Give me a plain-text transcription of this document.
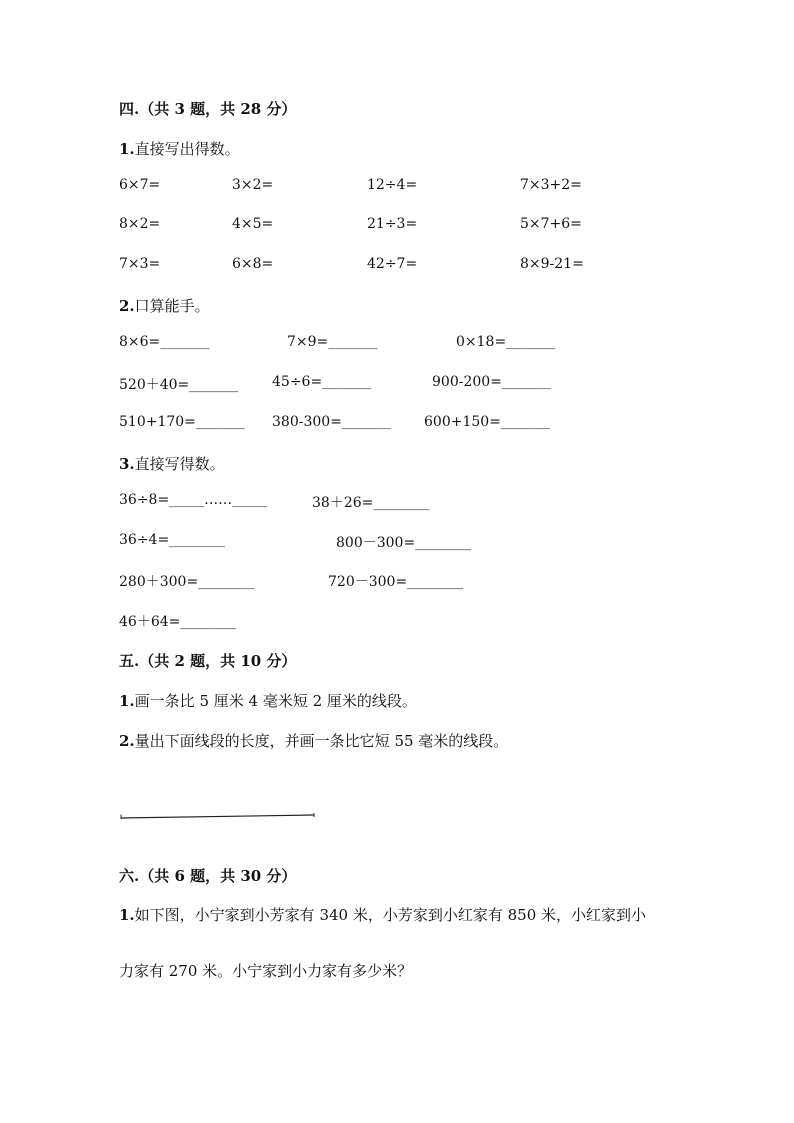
四.（共 3 题，共 28 分）
1.直接写出得数。
6×7=	3×2=	12÷4=	7×3+2=
8×2=	4×5=	21÷3=	5×7+6=
7×3=	6×8=	42÷7=	8×9-21=
2.口算能手。
8×6=_______	7×9=_______	0×18=_______
520＋40=_______ 45÷6=_______	900-200=_______
510+170=_______ 380-300=_______ 600+150=_______
3.直接写得数。
36÷8=_____……_____	38＋26=________
36÷4=________	800－300=________
280＋300=________	720－300=________
46＋64=________
五.（共 2 题，共 10 分）
1.画一条比 5 厘米 4 毫米短 2 厘米的线段。
2.量出下面线段的长度，并画一条比它短 55 毫米的线段。
六.（共 6 题，共 30 分）
1.如下图，小宁家到小芳家有 340 米，小芳家到小红家有 850 米，小红家到小
力家有 270 米。小宁家到小力家有多少米？
